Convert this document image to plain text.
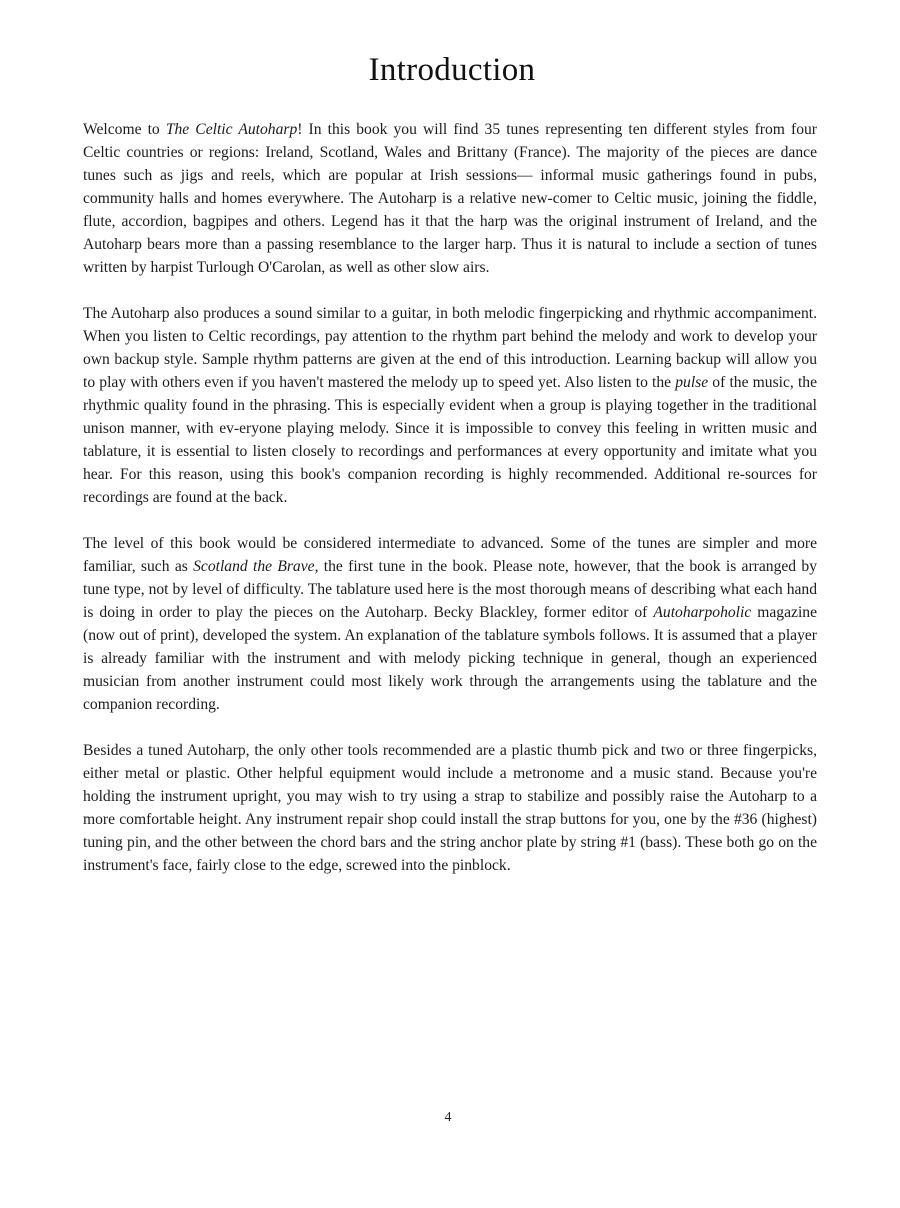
Introduction

Welcome to The Celtic Autoharp! In this book you will find 35 tunes representing ten different styles from four Celtic countries or regions: Ireland, Scotland, Wales and Brittany (France). The majority of the pieces are dance tunes such as jigs and reels, which are popular at Irish sessions— informal music gatherings found in pubs, community halls and homes everywhere. The Autoharp is a relative new-comer to Celtic music, joining the fiddle, flute, accordion, bagpipes and others. Legend has it that the harp was the original instrument of Ireland, and the Autoharp bears more than a passing resemblance to the larger harp. Thus it is natural to include a section of tunes written by harpist Turlough O'Carolan, as well as other slow airs.

The Autoharp also produces a sound similar to a guitar, in both melodic fingerpicking and rhythmic accompaniment. When you listen to Celtic recordings, pay attention to the rhythm part behind the melody and work to develop your own backup style. Sample rhythm patterns are given at the end of this introduction. Learning backup will allow you to play with others even if you haven't mastered the melody up to speed yet. Also listen to the pulse of the music, the rhythmic quality found in the phrasing. This is especially evident when a group is playing together in the traditional unison manner, with ev-eryone playing melody. Since it is impossible to convey this feeling in written music and tablature, it is essential to listen closely to recordings and performances at every opportunity and imitate what you hear. For this reason, using this book's companion recording is highly recommended. Additional re-sources for recordings are found at the back.

The level of this book would be considered intermediate to advanced. Some of the tunes are simpler and more familiar, such as Scotland the Brave, the first tune in the book. Please note, however, that the book is arranged by tune type, not by level of difficulty. The tablature used here is the most thorough means of describing what each hand is doing in order to play the pieces on the Autoharp. Becky Blackley, former editor of Autoharpoholic magazine (now out of print), developed the system. An explanation of the tablature symbols follows. It is assumed that a player is already familiar with the instrument and with melody picking technique in general, though an experienced musician from another instrument could most likely work through the arrangements using the tablature and the companion recording.

Besides a tuned Autoharp, the only other tools recommended are a plastic thumb pick and two or three fingerpicks, either metal or plastic. Other helpful equipment would include a metronome and a music stand. Because you're holding the instrument upright, you may wish to try using a strap to stabilize and possibly raise the Autoharp to a more comfortable height. Any instrument repair shop could install the strap buttons for you, one by the #36 (highest) tuning pin, and the other between the chord bars and the string anchor plate by string #1 (bass). These both go on the instrument's face, fairly close to the edge, screwed into the pinblock.

4
